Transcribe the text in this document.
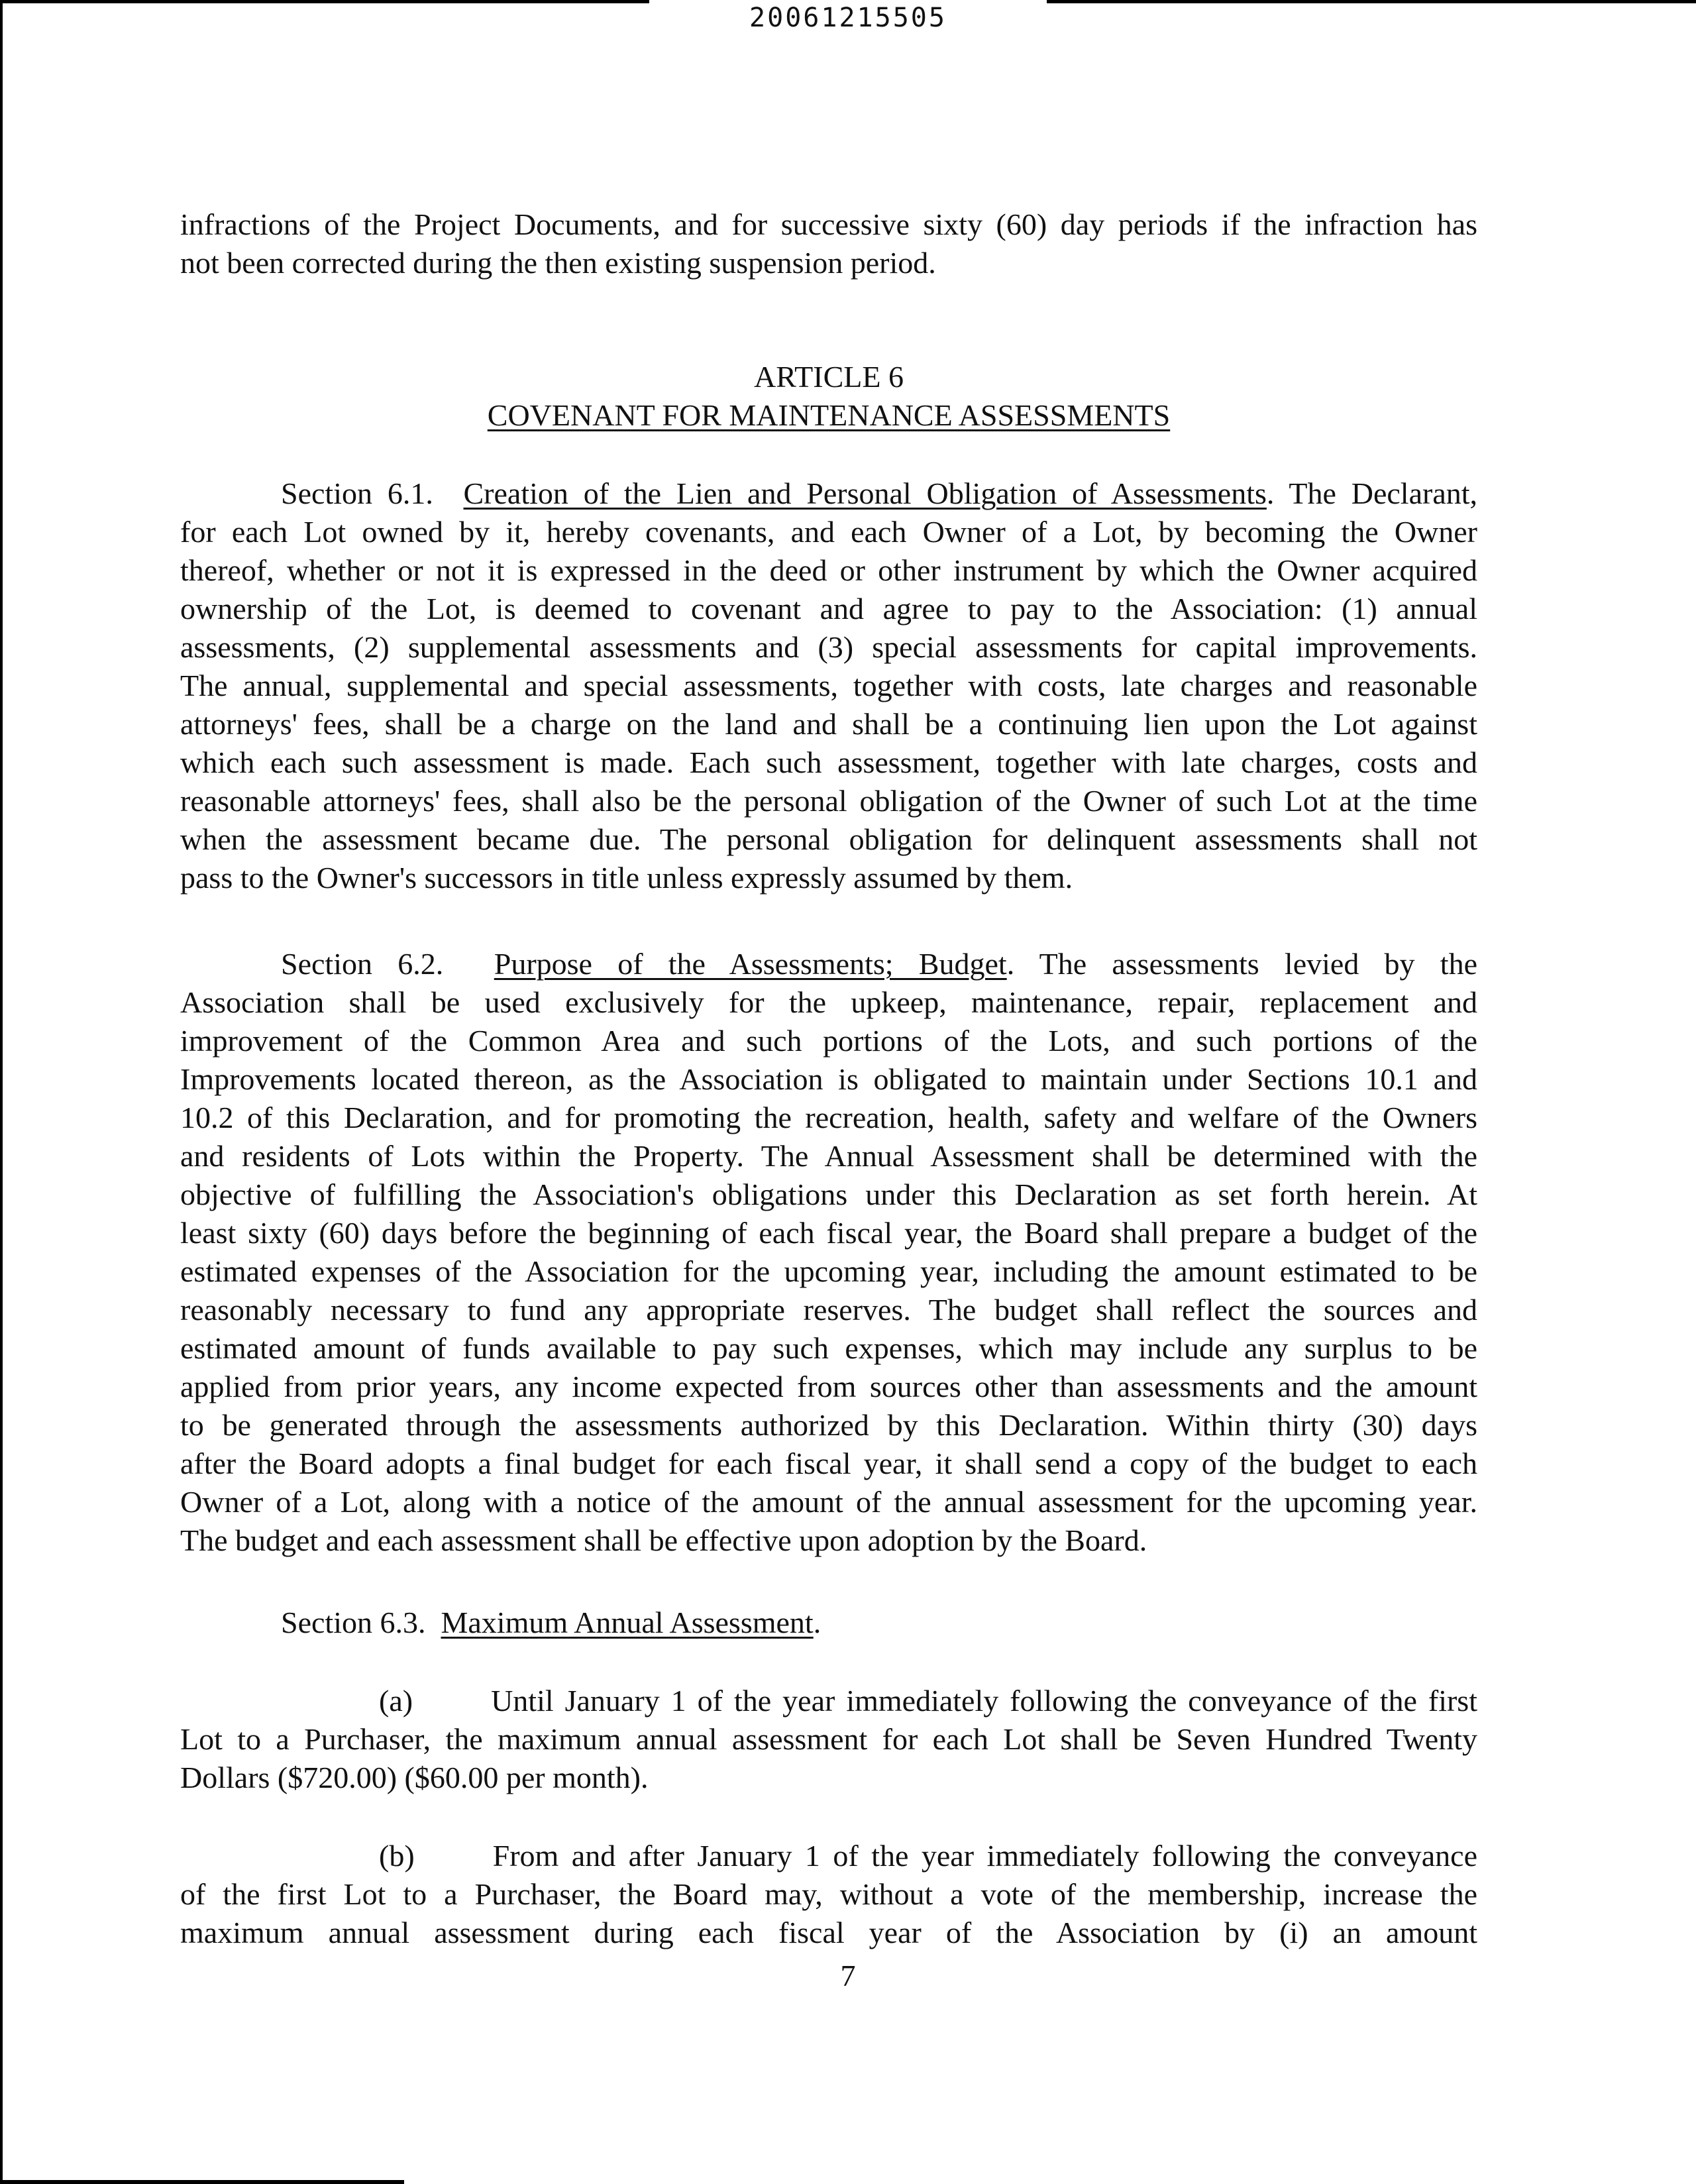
20061215505
infractions of the Project Documents, and for successive sixty (60) day periods if the infraction has
not been corrected during the then existing suspension period.
ARTICLE 6
COVENANT FOR MAINTENANCE ASSESSMENTS
Section 6.1. Creation of the Lien and Personal Obligation of Assessments. The Declarant,
for each Lot owned by it, hereby covenants, and each Owner of a Lot, by becoming the Owner
thereof, whether or not it is expressed in the deed or other instrument by which the Owner acquired
ownership of the Lot, is deemed to covenant and agree to pay to the Association: (1) annual
assessments, (2) supplemental assessments and (3) special assessments for capital improvements.
The annual, supplemental and special assessments, together with costs, late charges and reasonable
attorneys' fees, shall be a charge on the land and shall be a continuing lien upon the Lot against
which each such assessment is made. Each such assessment, together with late charges, costs and
reasonable attorneys' fees, shall also be the personal obligation of the Owner of such Lot at the time
when the assessment became due. The personal obligation for delinquent assessments shall not
pass to the Owner's successors in title unless expressly assumed by them.
Section 6.2. Purpose of the Assessments; Budget. The assessments levied by the
Association shall be used exclusively for the upkeep, maintenance, repair, replacement and
improvement of the Common Area and such portions of the Lots, and such portions of the
Improvements located thereon, as the Association is obligated to maintain under Sections 10.1 and
10.2 of this Declaration, and for promoting the recreation, health, safety and welfare of the Owners
and residents of Lots within the Property. The Annual Assessment shall be determined with the
objective of fulfilling the Association's obligations under this Declaration as set forth herein. At
least sixty (60) days before the beginning of each fiscal year, the Board shall prepare a budget of the
estimated expenses of the Association for the upcoming year, including the amount estimated to be
reasonably necessary to fund any appropriate reserves. The budget shall reflect the sources and
estimated amount of funds available to pay such expenses, which may include any surplus to be
applied from prior years, any income expected from sources other than assessments and the amount
to be generated through the assessments authorized by this Declaration. Within thirty (30) days
after the Board adopts a final budget for each fiscal year, it shall send a copy of the budget to each
Owner of a Lot, along with a notice of the amount of the annual assessment for the upcoming year.
The budget and each assessment shall be effective upon adoption by the Board.
Section 6.3. Maximum Annual Assessment.
(a)	Until January 1 of the year immediately following the conveyance of the first
Lot to a Purchaser, the maximum annual assessment for each Lot shall be Seven Hundred Twenty
Dollars ($720.00) ($60.00 per month).
(b)	From and after January 1 of the year immediately following the conveyance
of the first Lot to a Purchaser, the Board may, without a vote of the membership, increase the
maximum annual assessment during each fiscal year of the Association by (i) an amount
7
